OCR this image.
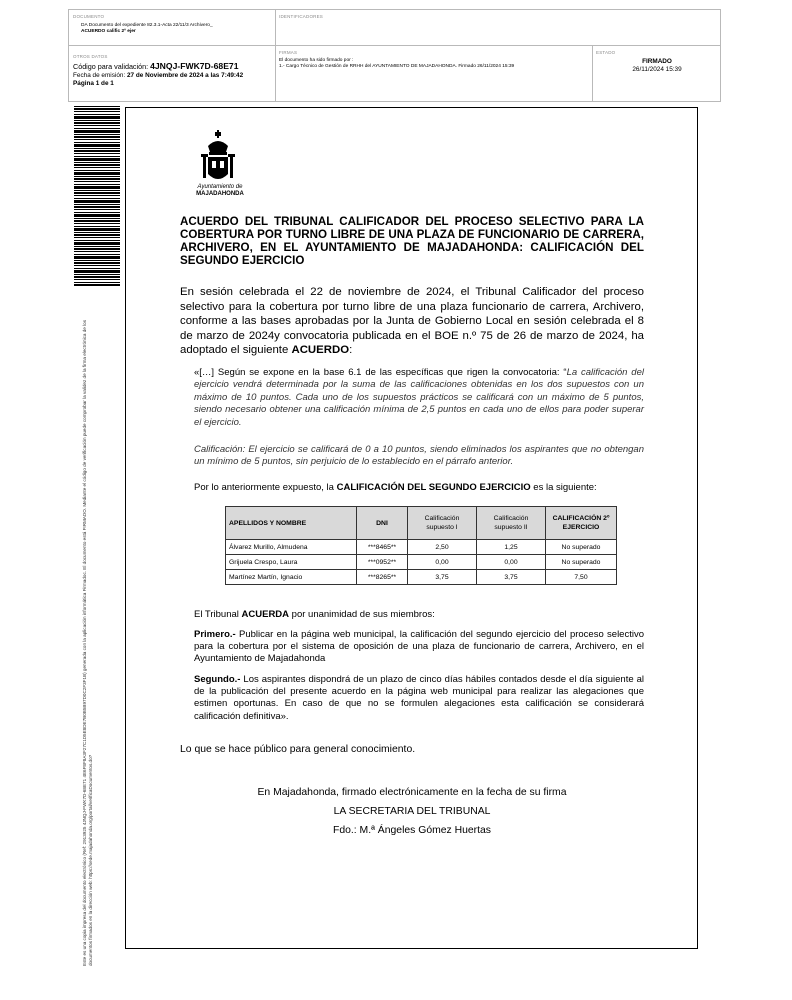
DOCUMENTO
DA Documento del expediente 82.3.1-Acta 22/11/3 Archivero_
ACUERDO calific 2º ejer
IDENTIFICADORES
OTROS DATOS
Código para validación: 4JNQJ-FWK7D-68E71
Fecha de emisión: 27 de Noviembre de 2024 a las 7:49:42
Página 1 de 1
FIRMAS
El documento ha sido firmado por :
1.- Cargo Técnico de Gestión de RRHH del AYUNTAMIENTO DE MAJADAHONDA. Firmado 26/11/2024 15:39
ESTADO
FIRMADO
26/11/2024 15:39
Este es una copia impresa del documento electrónico (Ref: 2913925 4JNQJ-FWK7D-68E71 4E6F8F8A3F27C1D5E8DE7B0B5B97D0C2F3F1B) generada con la aplicación informática Firmadoc. El documento está FIRMADO. Mediante el código de verificación puede comprobar la validez de la firma electrónica de los documentos firmados en la dirección web: https://sede.majadahonda.org/portal/verificaDocumentos.do?
Ayuntamiento de
MAJADAHONDA
ACUERDO DEL TRIBUNAL CALIFICADOR DEL PROCESO SELECTIVO PARA LA COBERTURA POR TURNO LIBRE DE UNA PLAZA DE FUNCIONARIO DE CARRERA, ARCHIVERO, EN EL AYUNTAMIENTO DE MAJADAHONDA: CALIFICACIÓN DEL SEGUNDO EJERCICIO
En sesión celebrada el 22 de noviembre de 2024, el Tribunal Calificador del proceso selectivo para la cobertura por turno libre de una plaza funcionario de carrera, Archivero, conforme a las bases aprobadas por la Junta de Gobierno Local en sesión celebrada el 8 de marzo de 2024y convocatoria publicada en el BOE n.º 75 de 26 de marzo de 2024, ha adoptado el siguiente ACUERDO:
«[…] Según se expone en la base 6.1 de las específicas que rigen la convocatoria: “La calificación del ejercicio vendrá determinada por la suma de las calificaciones obtenidas en los dos supuestos con un máximo de 10 puntos. Cada uno de los supuestos prácticos se calificará con un máximo de 5 puntos, siendo necesario obtener una calificación mínima de 2,5 puntos en cada uno de ellos para poder superar el ejercicio.
Calificación: El ejercicio se calificará de 0 a 10 puntos, siendo eliminados los aspirantes que no obtengan un mínimo de 5 puntos, sin perjuicio de lo establecido en el párrafo anterior.
Por lo anteriormente expuesto, la CALIFICACIÓN DEL SEGUNDO EJERCICIO es la siguiente:
APELLIDOS Y NOMBRE	DNI	Calificación supuesto I	Calificación supuesto II	CALIFICACIÓN 2º EJERCICIO
Álvarez Murillo, Almudena	***8465**	2,50	1,25	No superado
Grijuela Crespo, Laura	***0952**	0,00	0,00	No superado
Martínez Martín, Ignacio	***8265**	3,75	3,75	7,50
El Tribunal ACUERDA por unanimidad de sus miembros:
Primero.- Publicar en la página web municipal, la calificación del segundo ejercicio del proceso selectivo para la cobertura por el sistema de oposición de una plaza de funcionario de carrera, Archivero, en el Ayuntamiento de Majadahonda
Segundo.- Los aspirantes dispondrá de un plazo de cinco días hábiles contados desde el día siguiente al de la publicación del presente acuerdo en la página web municipal para realizar las alegaciones que estimen oportunas. En caso de que no se formulen alegaciones esta calificación se considerará calificación definitiva».
Lo que se hace público para general conocimiento.
En Majadahonda, firmado electrónicamente en la fecha de su firma
LA SECRETARIA DEL TRIBUNAL
Fdo.: M.ª Ángeles Gómez Huertas
